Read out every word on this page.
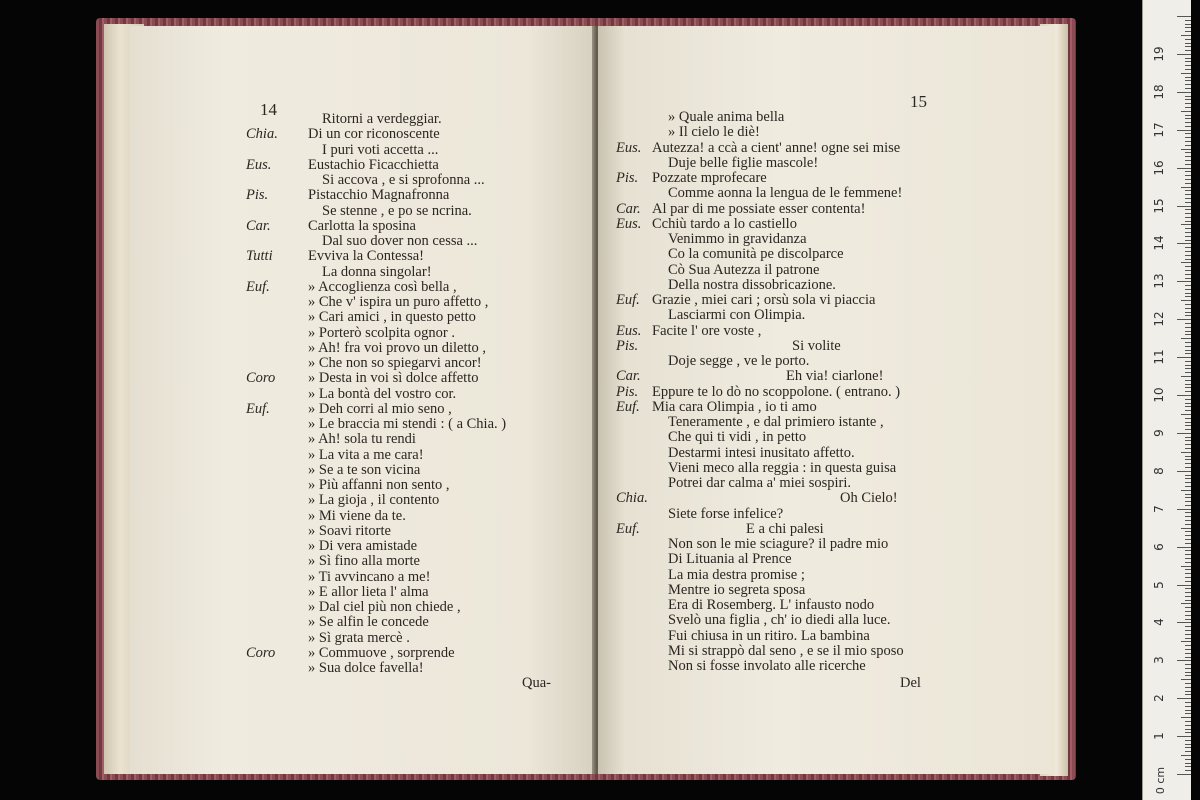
14	Ritorni a verdeggiar.
Chia. Di un cor riconoscente
I puri voti accetta ...
Eus.	Eustachio Ficacchietta
Si accova , e si sprofonna ...
Pis.	Pistacchio Magnafronna
Se stenne , e po se ncrina.
Car.	Carlotta la sposina
Dal suo dover non cessa ...
Tutti Evviva la Contessa!
La donna singolar!
Euf.	» Accoglienza così bella ,
» Che v' ispira un puro affetto ,
» Cari amici , in questo petto
» Porterò scolpita ognor .
» Ah! fra voi provo un diletto ,
» Che non so spiegarvi ancor!
Coro » Desta in voi sì dolce affetto
» La bontà del vostro cor.
Euf.	» Deh corri al mio seno ,
» Le braccia mi stendi : ( a Chia. )
» Ah! sola tu rendi
» La vita a me cara!
» Se a te son vicina
» Più affanni non sento ,
» La gioja , il contento
» Mi viene da te.
» Soavi ritorte
» Di vera amistade
» Sì fino alla morte
» Ti avvincano a me!
» E allor lieta l' alma
» Dal ciel più non chiede ,
» Se alfin le concede
» Sì grata mercè .
Coro » Commuove , sorprende
» Sua dolce favella!
Qua-
15
» Quale anima bella
» Il cielo le diè!
Eus. Autezza! a ccà a cient' anne! ogne sei mise
Duje belle figlie mascole!
Pis. Pozzate mprofecare
Comme aonna la lengua de le femmene!
Car. Al par di me possiate esser contenta!
Eus. Cchiù tardo a lo castiello
Venimmo in gravidanza
Co la comunità pe discolparce
Cò Sua Autezza il patrone
Della nostra dissobricazione.
Euf. Grazie , miei cari ; orsù sola vi piaccia
Lasciarmi con Olimpia.
Eus. Facite l' ore voste ,
Pis.	Si volite
Doje segge , ve le porto.
Car.	Eh via! ciarlone!
Pis. Eppure te lo dò no scoppolone. ( entrano. )
Euf. Mia cara Olimpia , io ti amo
Teneramente , e dal primiero istante ,
Che qui ti vidi , in petto
Destarmi intesi inusitato affetto.
Vieni meco alla reggia : in questa guisa
Potrei dar calma a' miei sospiri.
Chia.	Oh Cielo!
Siete forse infelice?
Euf.	E a chi palesi
Non son le mie sciagure? il padre mio
Di Lituania al Prence
La mia destra promise ;
Mentre io segreta sposa
Era di Rosemberg. L' infausto nodo
Svelò una figlia , ch' io diedi alla luce.
Fui chiusa in un ritiro. La bambina
Mi si strappò dal seno , e se il mio sposo
Non si fosse involato alle ricerche
Del
1
2
3
4
5
6
7
8
9
10
11
12
13
14
15
16
17
18
19
0 cm
